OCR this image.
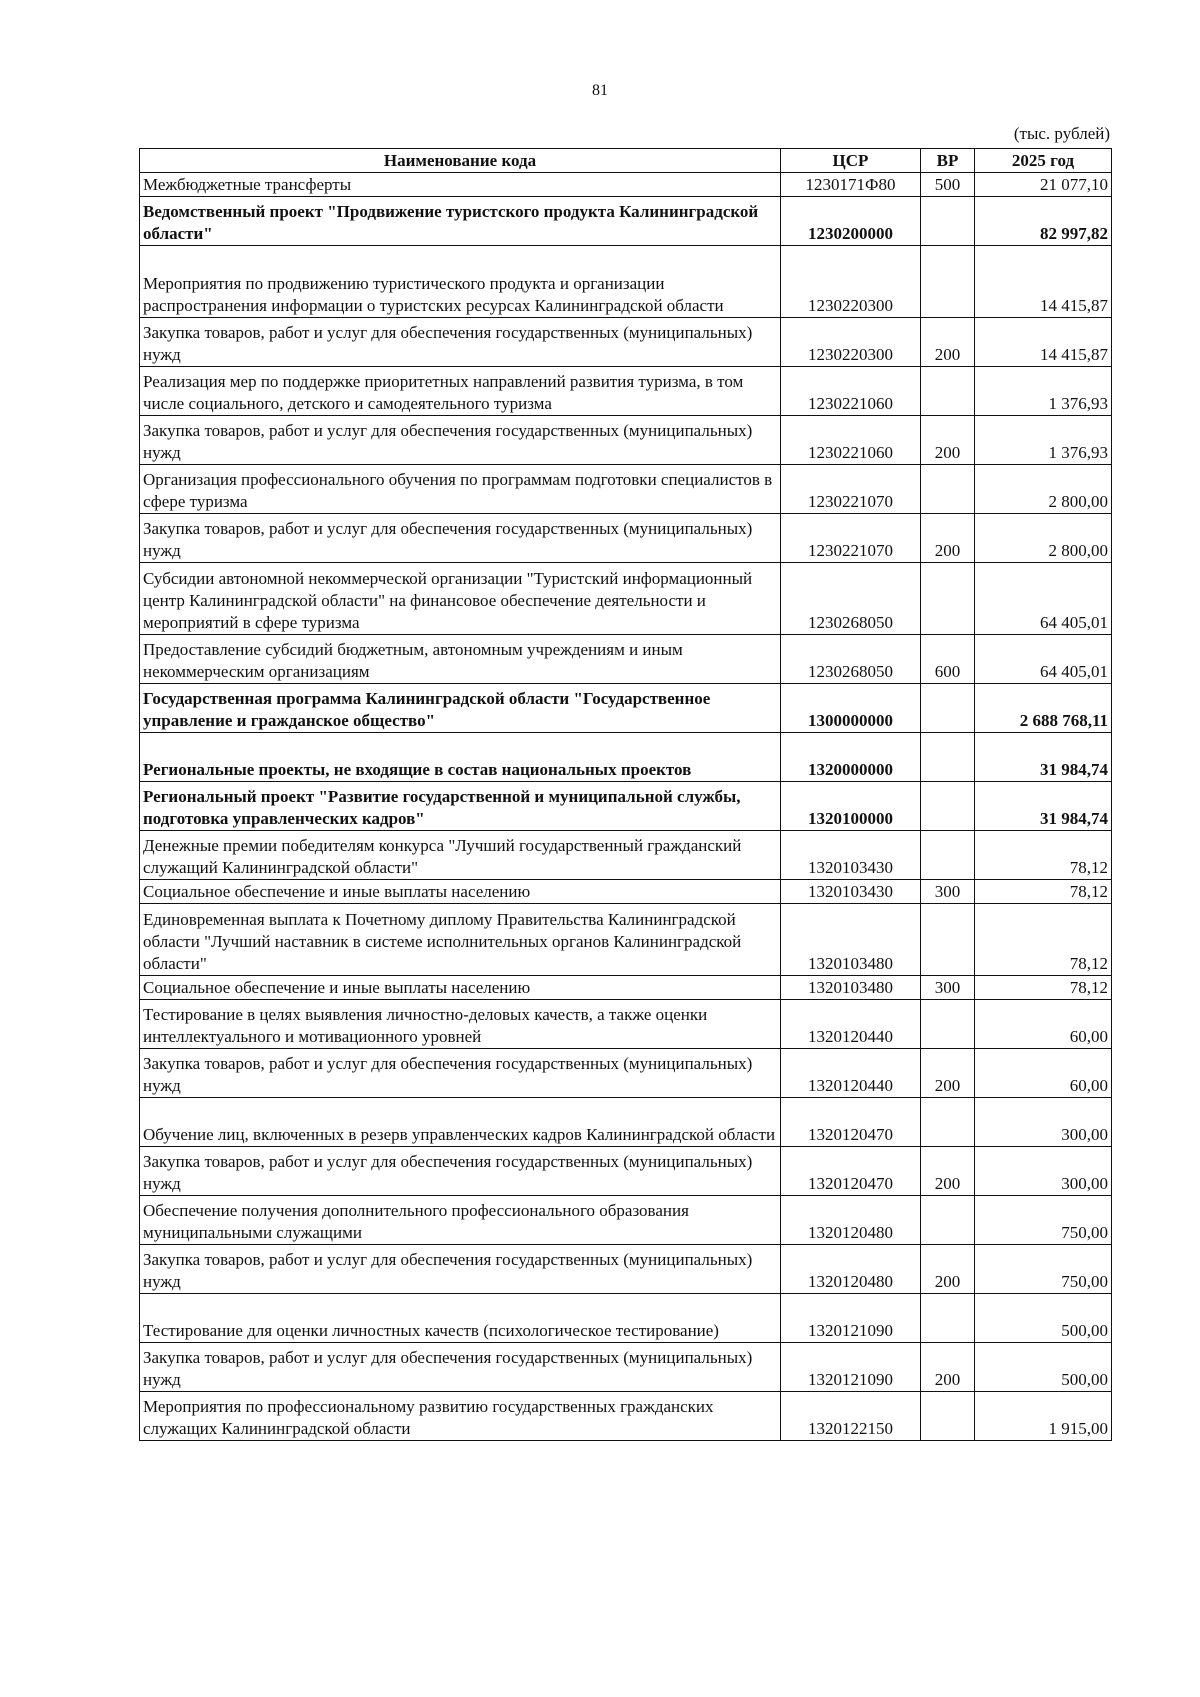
81
(тыс. рублей)
Наименование кода	ЦСР	ВР	2025 год
Межбюджетные трансферты	1230171Ф80	500	21 077,10
Ведомственный проект "Продвижение туристского продукта Калининградской области"	1230200000		82 997,82
Мероприятия по продвижению туристического продукта и организации распространения информации о туристских ресурсах Калининградской области	1230220300		14 415,87
Закупка товаров, работ и услуг для обеспечения государственных (муниципальных) нужд	1230220300	200	14 415,87
Реализация мер по поддержке приоритетных направлений развития туризма, в том числе социального, детского и самодеятельного туризма	1230221060		1 376,93
Закупка товаров, работ и услуг для обеспечения государственных (муниципальных) нужд	1230221060	200	1 376,93
Организация профессионального обучения по программам подготовки специалистов в сфере туризма	1230221070		2 800,00
Закупка товаров, работ и услуг для обеспечения государственных (муниципальных) нужд	1230221070	200	2 800,00
Субсидии автономной некоммерческой организации "Туристский информационный центр Калининградской области" на финансовое обеспечение деятельности и мероприятий в сфере туризма	1230268050		64 405,01
Предоставление субсидий бюджетным, автономным учреждениям и иным некоммерческим организациям	1230268050	600	64 405,01
Государственная программа Калининградской области "Государственное управление и гражданское общество"	1300000000		2 688 768,11
Региональные проекты, не входящие в состав национальных проектов	1320000000		31 984,74
Региональный проект "Развитие государственной и муниципальной службы, подготовка управленческих кадров"	1320100000		31 984,74
Денежные премии победителям конкурса "Лучший государственный гражданский служащий Калининградской области"	1320103430		78,12
Социальное обеспечение и иные выплаты населению	1320103430	300	78,12
Единовременная выплата к Почетному диплому Правительства Калининградской области "Лучший наставник в системе исполнительных органов Калининградской области"	1320103480		78,12
Социальное обеспечение и иные выплаты населению	1320103480	300	78,12
Тестирование в целях выявления личностно-деловых качеств, а также оценки интеллектуального и мотивационного уровней	1320120440		60,00
Закупка товаров, работ и услуг для обеспечения государственных (муниципальных) нужд	1320120440	200	60,00
Обучение лиц, включенных в резерв управленческих кадров Калининградской области	1320120470		300,00
Закупка товаров, работ и услуг для обеспечения государственных (муниципальных) нужд	1320120470	200	300,00
Обеспечение получения дополнительного профессионального образования муниципальными служащими	1320120480		750,00
Закупка товаров, работ и услуг для обеспечения государственных (муниципальных) нужд	1320120480	200	750,00
Тестирование для оценки личностных качеств (психологическое тестирование)	1320121090		500,00
Закупка товаров, работ и услуг для обеспечения государственных (муниципальных) нужд	1320121090	200	500,00
Мероприятия по профессиональному развитию государственных гражданских служащих Калининградской области	1320122150		1 915,00
